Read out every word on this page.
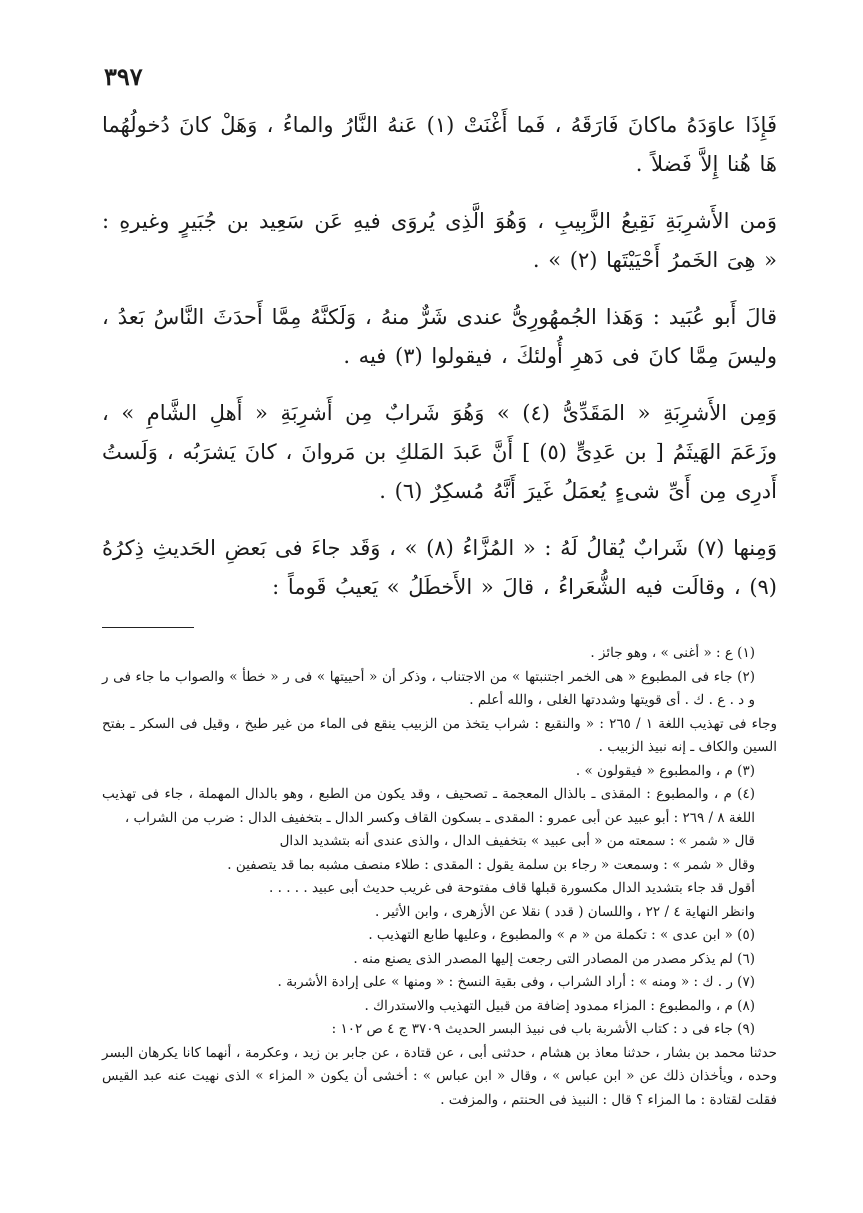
٣٩٧

فَإِذَا عاوَدَهُ ماكانَ فَارَقَهُ ، فَما أَغْنَتْ (١) عَنهُ النَّارُ والماءُ ، وَهَلْ كانَ دُخولُهُما هَا هُنا إِلاَّ فَضلاً .

وَمن الأَشرِبَةِ نَقِيعُ الزَّبِيبِ ، وَهُوَ الَّذِى يُروَى فيهِ عَن سَعِيد بن جُبَيرٍ وغيرهِ : « هِىَ الخَمرُ أَحْيَيْتَها (٢) » .

قالَ أَبو عُبَيد : وَهَذا الجُمهُورِىُّ عندى شَرٌّ منهُ ، وَلَكنَّهُ مِمَّا أَحدَثَ النَّاسُ بَعدُ ، وليسَ مِمَّا كانَ فى دَهرِ أُولئكَ ، فيقولوا (٣) فيه .

وَمِن الأَشرِبَةِ « المَقَدِّىُّ (٤) » وَهُوَ شَرابٌ مِن أَشرِبَةِ « أَهلِ الشَّامِ » ، وزَعَمَ الهَيثَمُ [ بن عَدِىٍّ (٥) ] أَنَّ عَبدَ المَلكِ بن مَروانَ ، كانَ يَشرَبُه ، وَلَستُ أَدرِى مِن أَىِّ شىءٍ يُعمَلُ غَيرَ أَنَّهُ مُسكِرٌ (٦) .

وَمِنها (٧) شَرابٌ يُقالُ لَهُ : « المُزَّاءُ (٨) » ، وَقَد جاءَ فى بَعضِ الحَديثِ ذِكرُهُ (٩) ، وقالَت فيه الشُّعَراءُ ، قالَ « الأَخطَلُ » يَعيبُ قَوماً :

(١) ع : « أغنى » ، وهو جائز .

(٢) جاء فى المطبوع « هى الخمر اجتنبتها » من الاجتناب ، وذكر أن « أحييتها » فى ر « خطأ » والصواب ما جاء فى ر و د . ع . ك . أى قويتها وشددتها الغلى ، والله أعلم .

وجاء فى تهذيب اللغة ١ / ٢٦٥ : « والنقيع : شراب يتخذ من الزبيب ينقع فى الماء من غير طبخ ، وقيل فى السكر ـ بفتح السين والكاف ـ إنه نبيذ الزبيب .

(٣) م ، والمطبوع « فيقولون » .

(٤) م ، والمطبوع : المقذى ـ بالذال المعجمة ـ تصحيف ، وقد يكون من الطبع ، وهو بالدال المهملة ، جاء فى تهذيب اللغة ٨ / ٢٦٩ : أبو عبيد عن أبى عمرو : المقدى ـ بسكون القاف وكسر الدال ـ بتخفيف الدال : ضرب من الشراب ،

قال « شمر » : سمعته من « أبى عبيد » بتخفيف الدال ، والذى عندى أنه بتشديد الدال

وقال « شمر » : وسمعت « رجاء بن سلمة يقول : المقدى : طلاء منصف مشبه بما قد يتصفين .

أقول قد جاء بتشديد الدال مكسورة قبلها قاف مفتوحة فى غريب حديث أبى عبيد . . . . .

وانظر النهاية ٤ / ٢٢ ، واللسان ( قدد ) نقلا عن الأزهرى ، وابن الأثير .

(٥) « ابن عدى » : تكملة من « م » والمطبوع ، وعليها طابع التهذيب .

(٦) لم يذكر مصدر من المصادر التى رجعت إليها المصدر الذى يصنع منه .

(٧) ر . ك : « ومنه » : أراد الشراب ، وفى بقية النسخ : « ومنها » على إرادة الأشربة .

(٨) م ، والمطبوع : المزاء ممدود إضافة من قبيل التهذيب والاستدراك .

(٩) جاء فى د : كتاب الأشربة باب فى نبيذ البسر الحديث ٣٧٠٩ ج ٤ ص ١٠٢ :

حدثنا محمد بن بشار ، حدثنا معاذ بن هشام ، حدثنى أبى ، عن قتادة ، عن جابر بن زيد ، وعكرمة ، أنهما كانا يكرهان البسر وحده ، ويأخذان ذلك عن « ابن عباس » ، وقال « ابن عباس » : أخشى أن يكون « المزاء » الذى نهيت عنه عبد القيس فقلت لقتادة : ما المزاء ؟ قال : النبيذ فى الحنتم ، والمزفت .
